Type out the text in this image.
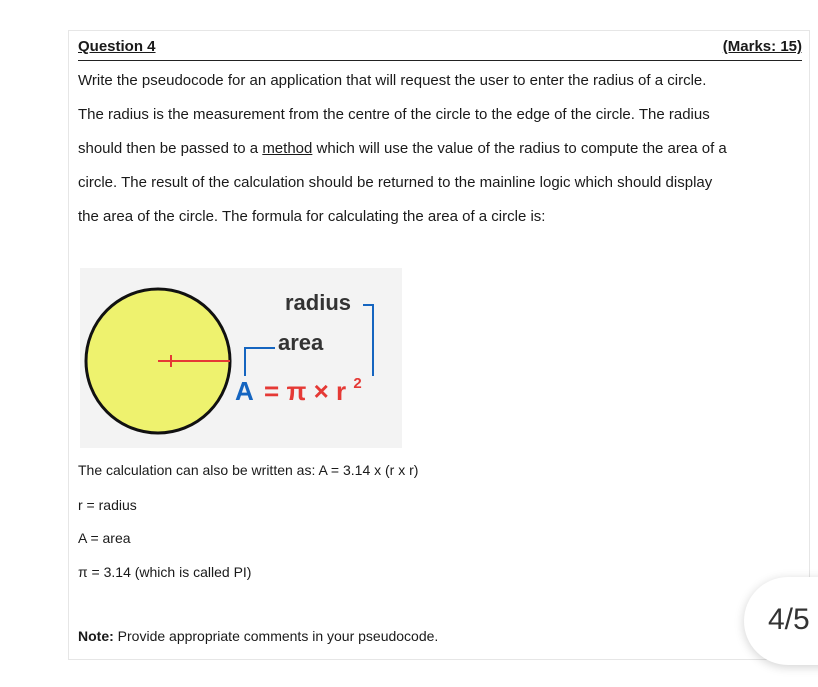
Question 4	(Marks: 15)
Write the pseudocode for an application that will request the user to enter the radius of a circle.
The radius is the measurement from the centre of the circle to the edge of the circle. The radius
should then be passed to a method which will use the value of the radius to compute the area of a
circle. The result of the calculation should be returned to the mainline logic which should display
the area of the circle. The formula for calculating the area of a circle is:
radius
area
A = π × r $^2$
The calculation can also be written as: A = 3.14 x (r x r)
r = radius
A = area
π = 3.14 (which is called PI)
Note: Provide appropriate comments in your pseudocode.	4/5
